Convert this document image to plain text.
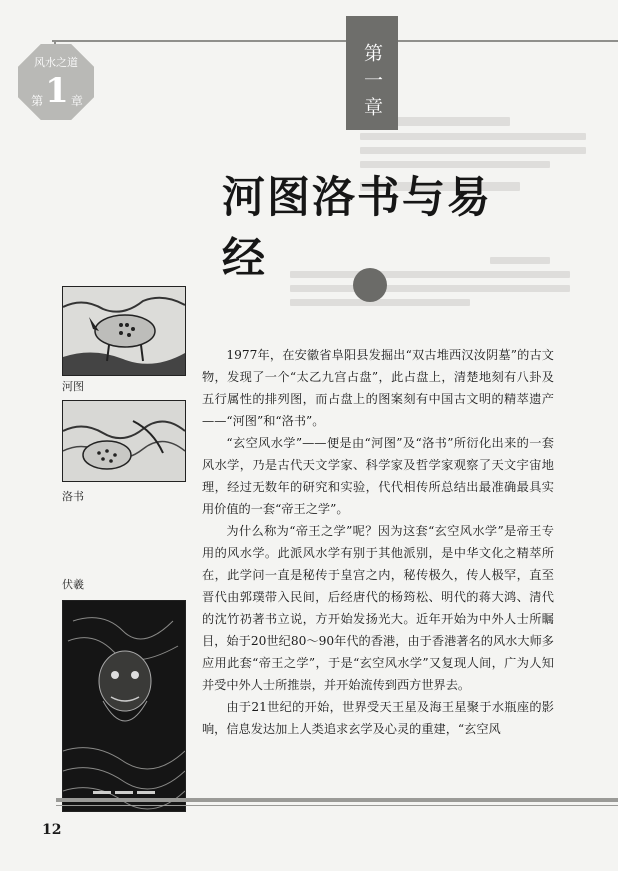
风水之道
第 1 章	第一章
河图洛书与易经
河图
洛书
伏羲

1977年，在安徽省阜阳县发掘出“双古堆西汉汝阴墓”的古文物，发现了一个“太乙九宫占盘”，此占盘上，清楚地刻有八卦及五行属性的排列图，而占盘上的图案刻有中国古文明的精萃遗产——“河图”和“洛书”。

“玄空风水学”——便是由“河图”及“洛书”所衍化出来的一套风水学，乃是古代天文学家、科学家及哲学家观察了天文宇宙地理，经过无数年的研究和实验，代代相传所总结出最准确最具实用价值的一套“帝王之学”。

为什么称为“帝王之学”呢？因为这套“玄空风水学”是帝王专用的风水学。此派风水学有别于其他派别，是中华文化之精萃所在，此学问一直是秘传于皇宫之内，秘传极久，传人极罕，直至晋代由郭璞带入民间，后经唐代的杨筠松、明代的蒋大鸿、清代的沈竹礽著书立说，方开始发扬光大。近年开始为中外人士所瞩目，始于20世纪80～90年代的香港，由于香港著名的风水大师多应用此套“帝王之学”，于是“玄空风水学”又复现人间，广为人知并受中外人士所推崇，并开始流传到西方世界去。

由于21世纪的开始，世界受天王星及海王星聚于水瓶座的影响，信息发达加上人类追求玄学及心灵的重建，“玄空风

12
